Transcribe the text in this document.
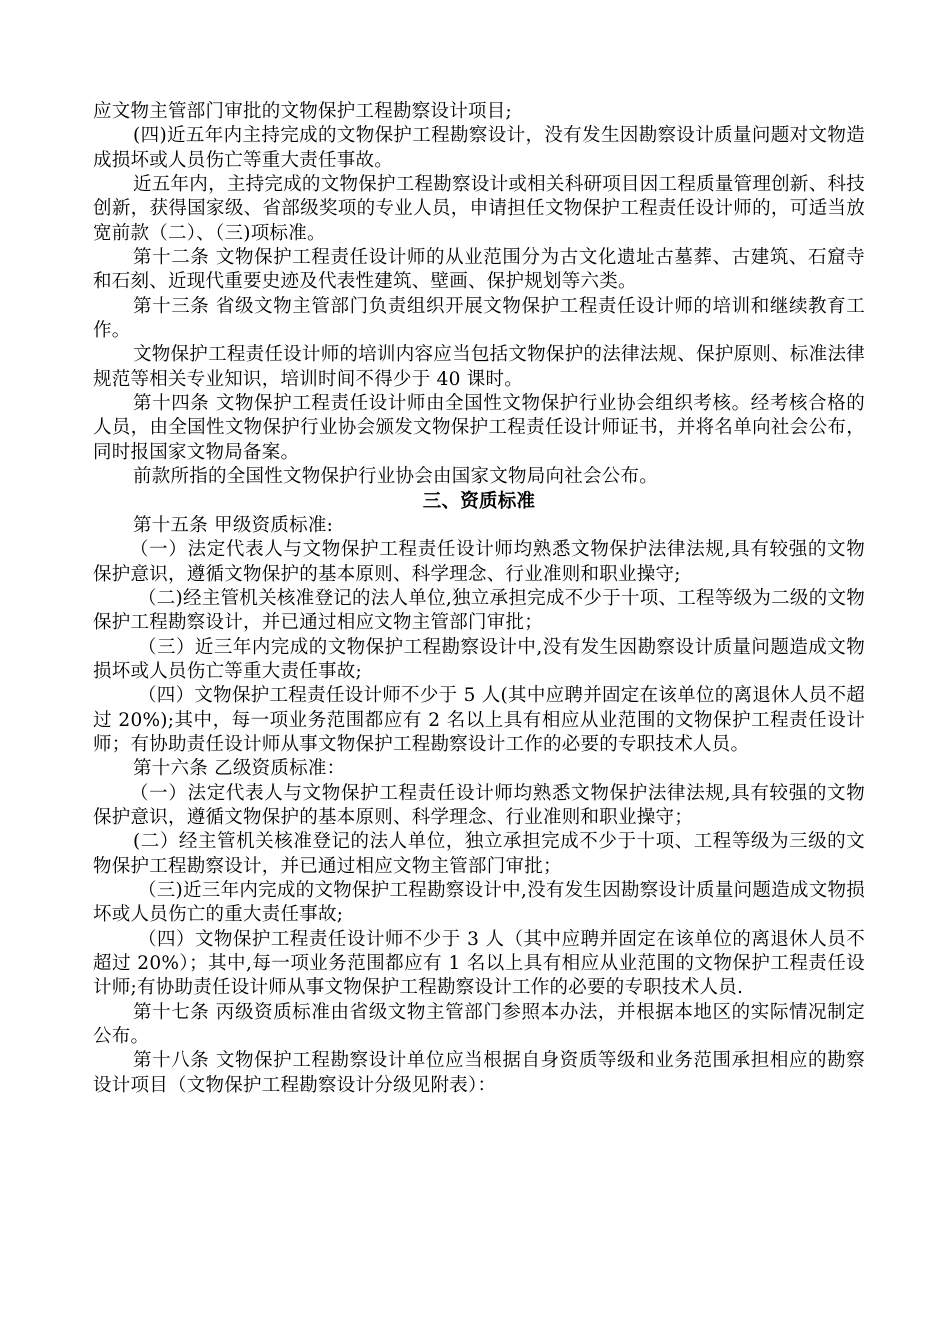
应文物主管部门审批的文物保护工程勘察设计项目;

(四)近五年内主持完成的文物保护工程勘察设计，没有发生因勘察设计质量问题对文物造成损坏或人员伤亡等重大责任事故。

近五年内，主持完成的文物保护工程勘察设计或相关科研项目因工程质量管理创新、科技创新，获得国家级、省部级奖项的专业人员，申请担任文物保护工程责任设计师的，可适当放宽前款（二）、（三)项标准。

第十二条 文物保护工程责任设计师的从业范围分为古文化遗址古墓葬、古建筑、石窟寺和石刻、近现代重要史迹及代表性建筑、壁画、保护规划等六类。

第十三条 省级文物主管部门负责组织开展文物保护工程责任设计师的培训和继续教育工作。

文物保护工程责任设计师的培训内容应当包括文物保护的法律法规、保护原则、标准法律规范等相关专业知识，培训时间不得少于 40 课时。

第十四条 文物保护工程责任设计师由全国性文物保护行业协会组织考核。经考核合格的人员，由全国性文物保护行业协会颁发文物保护工程责任设计师证书，并将名单向社会公布，同时报国家文物局备案。

前款所指的全国性文物保护行业协会由国家文物局向社会公布。

三、资质标准

第十五条 甲级资质标准:

（一）法定代表人与文物保护工程责任设计师均熟悉文物保护法律法规,具有较强的文物保护意识，遵循文物保护的基本原则、科学理念、行业准则和职业操守;

（二)经主管机关核准登记的法人单位,独立承担完成不少于十项、工程等级为二级的文物保护工程勘察设计，并已通过相应文物主管部门审批；

（三）近三年内完成的文物保护工程勘察设计中,没有发生因勘察设计质量问题造成文物损坏或人员伤亡等重大责任事故;

（四）文物保护工程责任设计师不少于 5 人(其中应聘并固定在该单位的离退休人员不超过 20%);其中，每一项业务范围都应有 2 名以上具有相应从业范围的文物保护工程责任设计师；有协助责任设计师从事文物保护工程勘察设计工作的必要的专职技术人员。

第十六条 乙级资质标准：

（一）法定代表人与文物保护工程责任设计师均熟悉文物保护法律法规,具有较强的文物保护意识，遵循文物保护的基本原则、科学理念、行业准则和职业操守；

(二）经主管机关核准登记的法人单位，独立承担完成不少于十项、工程等级为三级的文物保护工程勘察设计，并已通过相应文物主管部门审批；

（三)近三年内完成的文物保护工程勘察设计中,没有发生因勘察设计质量问题造成文物损坏或人员伤亡的重大责任事故;

（四）文物保护工程责任设计师不少于 3 人（其中应聘并固定在该单位的离退休人员不超过 20%）；其中,每一项业务范围都应有 1 名以上具有相应从业范围的文物保护工程责任设计师;有协助责任设计师从事文物保护工程勘察设计工作的必要的专职技术人员.

第十七条 丙级资质标准由省级文物主管部门参照本办法，并根据本地区的实际情况制定公布。

第十八条 文物保护工程勘察设计单位应当根据自身资质等级和业务范围承担相应的勘察设计项目（文物保护工程勘察设计分级见附表）：
